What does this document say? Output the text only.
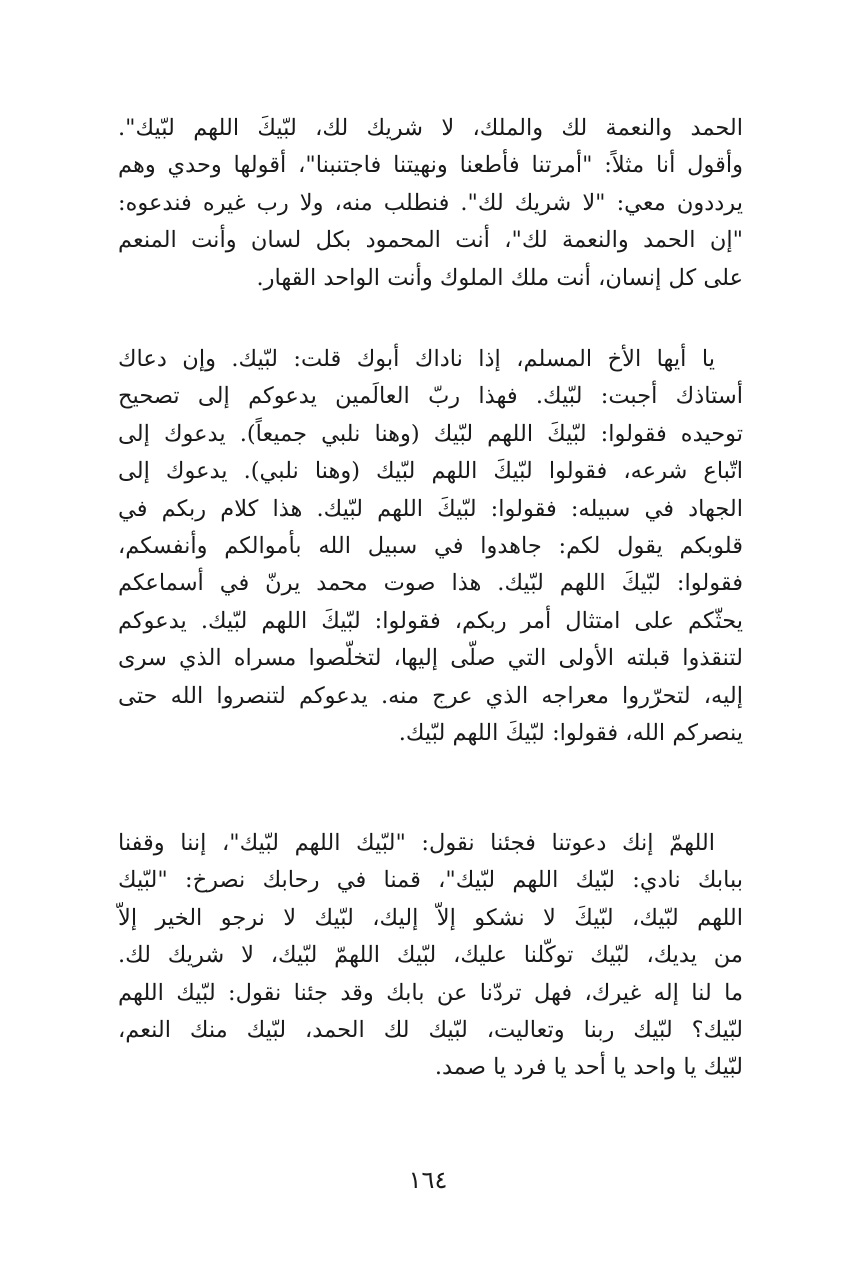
الحمد والنعمة لك والملك، لا شريك لك، لبّيكَ اللهم لبّيك".
وأقول أنا مثلاً: "أمرتنا فأطعنا ونهيتنا فاجتنبنا"، أقولها وحدي وهم
يرددون معي: "لا شريك لك". فنطلب منه، ولا رب غيره فندعوه:
"إن الحمد والنعمة لك"، أنت المحمود بكل لسان وأنت المنعم
على كل إنسان، أنت ملك الملوك وأنت الواحد القهار.
يا أيها الأخ المسلم، إذا ناداك أبوك قلت: لبّيك. وإن دعاك
أستاذك أجبت: لبّيك. فهذا ربّ العالَمين يدعوكم إلى تصحيح
توحيده فقولوا: لبّيكَ اللهم لبّيك (وهنا نلبي جميعاً). يدعوك إلى
اتّباع شرعه، فقولوا لبّيكَ اللهم لبّيك (وهنا نلبي). يدعوك إلى
الجهاد في سبيله: فقولوا: لبّيكَ اللهم لبّيك. هذا كلام ربكم في
قلوبكم يقول لكم: جاهدوا في سبيل الله بأموالكم وأنفسكم،
فقولوا: لبّيكَ اللهم لبّيك. هذا صوت محمد يرنّ في أسماعكم
يحثّكم على امتثال أمر ربكم، فقولوا: لبّيكَ اللهم لبّيك. يدعوكم
لتنقذوا قبلته الأولى التي صلّى إليها، لتخلّصوا مسراه الذي سرى
إليه، لتحرّروا معراجه الذي عرج منه. يدعوكم لتنصروا الله حتى
ينصركم الله، فقولوا: لبّيكَ اللهم لبّيك.
اللهمّ إنك دعوتنا فجئنا نقول: "لبّيك اللهم لبّيك"، إننا وقفنا
ببابك نادي: لبّيك اللهم لبّيك"، قمنا في رحابك نصرخ: "لبّيك
اللهم لبّيك، لبّيكَ لا نشكو إلاّ إليك، لبّيك لا نرجو الخير إلاّ
من يديك، لبّيك توكّلنا عليك، لبّيك اللهمّ لبّيك، لا شريك لك.
ما لنا إله غيرك، فهل تردّنا عن بابك وقد جئنا نقول: لبّيك اللهم
لبّيك؟ لبّيك ربنا وتعاليت، لبّيك لك الحمد، لبّيك منك النعم،
لبّيك يا واحد يا أحد يا فرد يا صمد.
١٦٤
